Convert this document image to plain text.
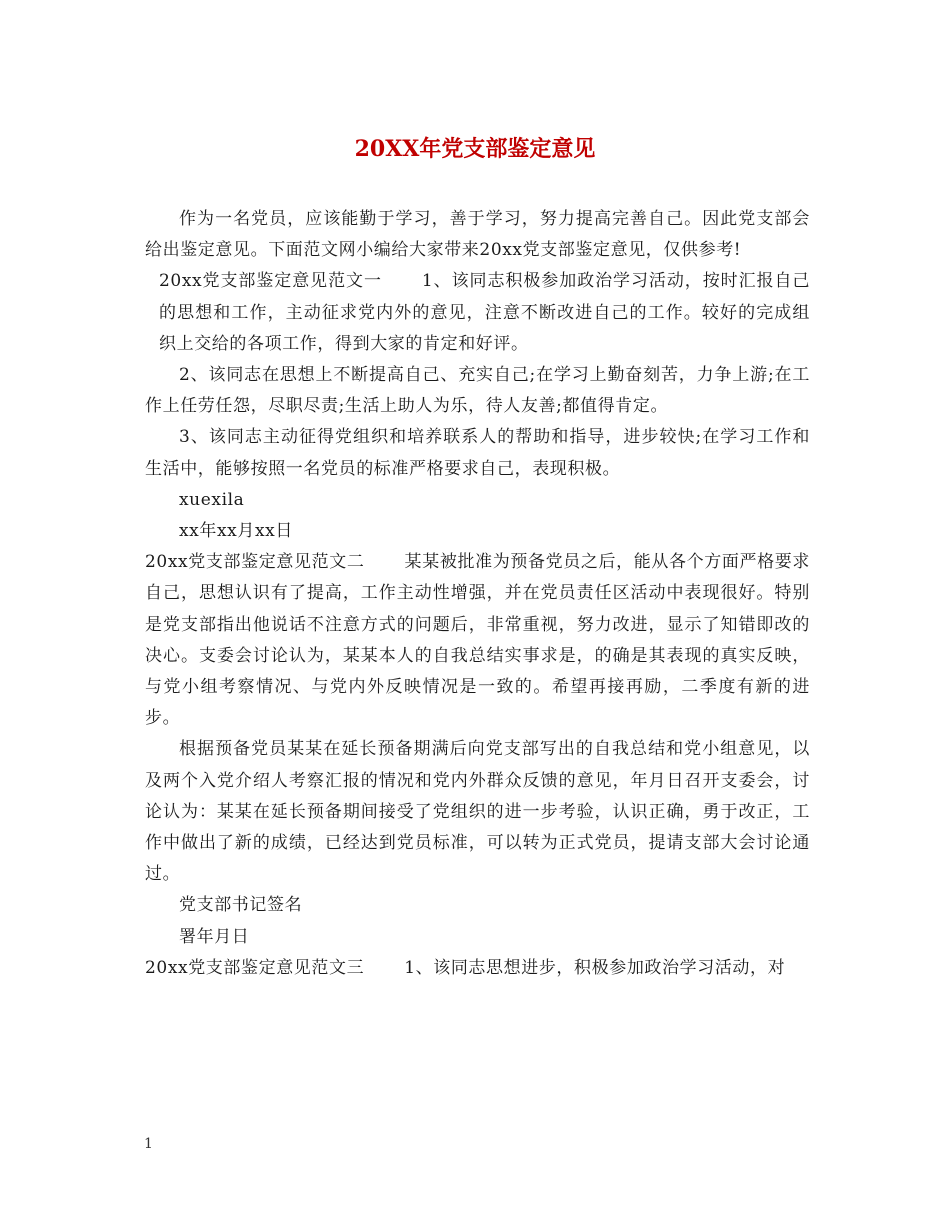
20XX年党支部鉴定意见

作为一名党员，应该能勤于学习，善于学习，努力提高完善自己。因此党支部会给出鉴定意见。下面范文网小编给大家带来20xx党支部鉴定意见，仅供参考!

20xx党支部鉴定意见范文一 1、该同志积极参加政治学习活动，按时汇报自己的思想和工作，主动征求党内外的意见，注意不断改进自己的工作。较好的完成组织上交给的各项工作，得到大家的肯定和好评。

2、该同志在思想上不断提高自己、充实自己;在学习上勤奋刻苦，力争上游;在工作上任劳任怨，尽职尽责;生活上助人为乐，待人友善;都值得肯定。

3、该同志主动征得党组织和培养联系人的帮助和指导，进步较快;在学习工作和生活中，能够按照一名党员的标准严格要求自己，表现积极。

xuexila

xx年xx月xx日

20xx党支部鉴定意见范文二 某某被批准为预备党员之后，能从各个方面严格要求自己，思想认识有了提高，工作主动性增强，并在党员责任区活动中表现很好。特别是党支部指出他说话不注意方式的问题后，非常重视，努力改进，显示了知错即改的决心。支委会讨论认为，某某本人的自我总结实事求是，的确是其表现的真实反映，与党小组考察情况、与党内外反映情况是一致的。希望再接再励，二季度有新的进步。

根据预备党员某某在延长预备期满后向党支部写出的自我总结和党小组意见，以及两个入党介绍人考察汇报的情况和党内外群众反馈的意见，年月日召开支委会，讨论认为：某某在延长预备期间接受了党组织的进一步考验，认识正确，勇于改正，工作中做出了新的成绩，已经达到党员标准，可以转为正式党员，提请支部大会讨论通过。

党支部书记签名

署年月日

20xx党支部鉴定意见范文三 1、该同志思想进步，积极参加政治学习活动，对

1
